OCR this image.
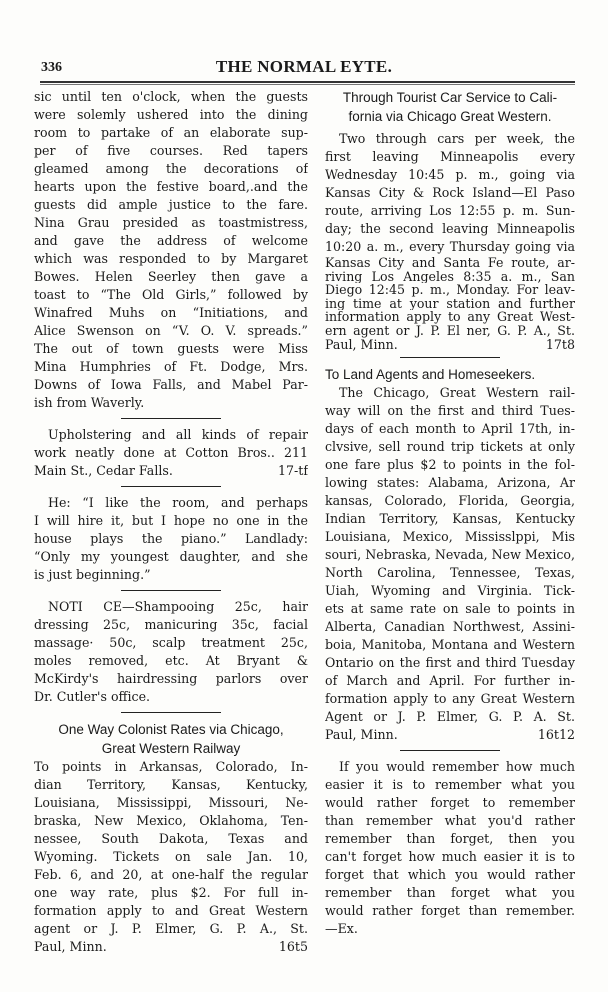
336	THE NORMAL EYTE.
sic until ten o'clock, when the guests
were solemly ushered into the dining
room to partake of an elaborate sup-
per of five courses. Red tapers
gleamed among the decorations of
hearts upon the festive board,.and the
guests did ample justice to the fare.
Nina Grau presided as toastmistress,
and gave the address of welcome
which was responded to by Margaret
Bowes. Helen Seerley then gave a
toast to “The Old Girls,” followed by
Winafred Muhs on “Initiations, and
Alice Swenson on “V. O. V. spreads.”
The out of town guests were Miss
Mina Humphries of Ft. Dodge, Mrs.
Downs of Iowa Falls, and Mabel Par-
ish from Waverly.
Upholstering and all kinds of repair
work neatly done at Cotton Bros.. 211
Main St., Cedar Falls.	17-tf
He: “I like the room, and perhaps
I will hire it, but I hope no one in the
house plays the piano.” Landlady:
“Only my youngest daughter, and she
is just beginning.”
NOTI CE—Shampooing 25c, hair
dressing 25c, manicuring 35c, facial
massage· 50c, scalp treatment 25c,
moles removed, etc. At Bryant &
McKirdy's hairdressing parlors over
Dr. Cutler's office.
One Way Colonist Rates via Chicago,
Great Western Railway
To points in Arkansas, Colorado, In-
dian Territory, Kansas, Kentucky,
Louisiana, Mississippi, Missouri, Ne-
braska, New Mexico, Oklahoma, Ten-
nessee, South Dakota, Texas and
Wyoming. Tickets on sale Jan. 10,
Feb. 6, and 20, at one-half the regular
one way rate, plus $2. For full in-
formation apply to and Great Western
agent or J. P. Elmer, G. P. A., St.
Paul, Minn.	16t5
Through Tourist Car Service to Cali-
fornia via Chicago Great Western.
Two through cars per week, the
first leaving Minneapolis every
Wednesday 10:45 p. m., going via
Kansas City & Rock Island—El Paso
route, arriving Los 12:55 p. m. Sun-
day; the second leaving Minneapolis
10:20 a. m., every Thursday going via
Kansas City and Santa Fe route, ar-
riving Los Angeles 8:35 a. m., San
Diego 12:45 p. m., Monday. For leav-
ing time at your station and further
information apply to any Great West-
ern agent or J. P. El ner, G. P. A., St.
Paul, Minn.	17t8
To Land Agents and Homeseekers.
The Chicago, Great Western rail-
way will on the first and third Tues-
days of each month to April 17th, in-
clvsive, sell round trip tickets at only
one fare plus $2 to points in the fol-
lowing states: Alabama, Arizona, Ar
kansas, Colorado, Florida, Georgia,
Indian Territory, Kansas, Kentucky
Louisiana, Mexico, Mississlppi, Mis
souri, Nebraska, Nevada, New Mexico,
North Carolina, Tennessee, Texas,
Uiah, Wyoming and Virginia. Tick-
ets at same rate on sale to points in
Alberta, Canadian Northwest, Assini-
boia, Manitoba, Montana and Western
Ontario on the first and third Tuesday
of March and April. For further in-
formation apply to any Great Western
Agent or J. P. Elmer, G. P. A. St.
Paul, Minn.	16t12
If you would remember how much
easier it is to remember what you
would rather forget to remember
than remember what you'd rather
remember than forget, then you
can't forget how much easier it is to
forget that which you would rather
remember than forget what you
would rather forget than remember.
—Ex.
